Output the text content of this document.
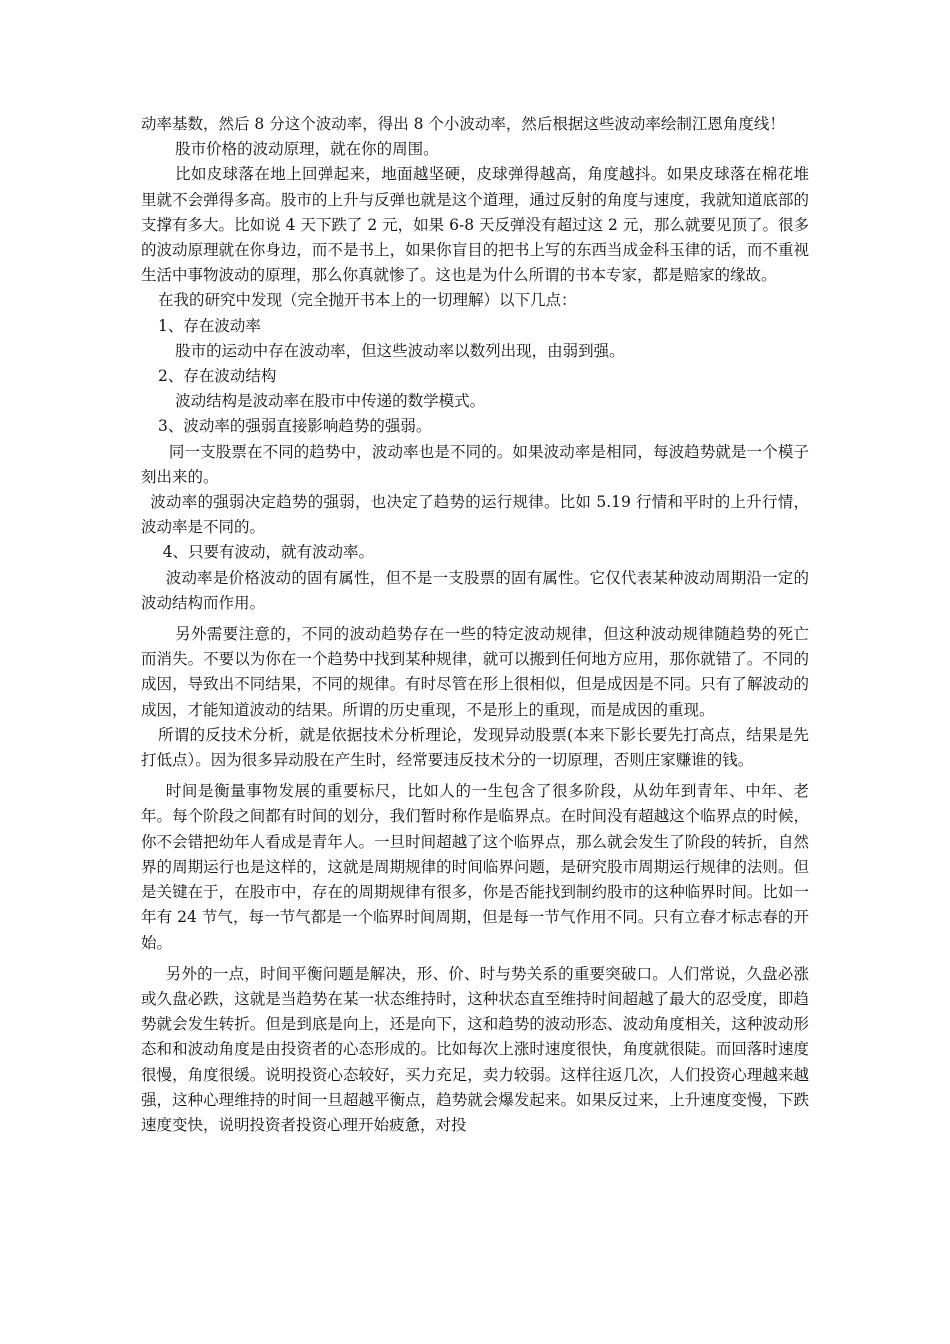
动率基数，然后 8 分这个波动率，得出 8 个小波动率，然后根据这些波动率绘制江恩角度线！

股市价格的波动原理，就在你的周围。

比如皮球落在地上回弹起来，地面越坚硬，皮球弹得越高，角度越抖。如果皮球落在棉花堆里就不会弹得多高。股市的上升与反弹也就是这个道理，通过反射的角度与速度，我就知道底部的支撑有多大。比如说 4 天下跌了 2 元，如果 6-8 天反弹没有超过这 2 元，那么就要见顶了。很多的波动原理就在你身边，而不是书上，如果你盲目的把书上写的东西当成金科玉律的话，而不重视生活中事物波动的原理，那么你真就惨了。这也是为什么所谓的书本专家，都是赔家的缘故。

在我的研究中发现（完全抛开书本上的一切理解）以下几点：

1、存在波动率

股市的运动中存在波动率，但这些波动率以数列出现，由弱到强。

2、存在波动结构

波动结构是波动率在股市中传递的数学模式。

3、波动率的强弱直接影响趋势的强弱。

同一支股票在不同的趋势中，波动率也是不同的。如果波动率是相同，每波趋势就是一个模子刻出来的。

波动率的强弱决定趋势的强弱，也决定了趋势的运行规律。比如 5.19 行情和平时的上升行情，波动率是不同的。

4、只要有波动，就有波动率。

波动率是价格波动的固有属性，但不是一支股票的固有属性。它仅代表某种波动周期沿一定的波动结构而作用。

另外需要注意的，不同的波动趋势存在一些的特定波动规律，但这种波动规律随趋势的死亡而消失。不要以为你在一个趋势中找到某种规律，就可以搬到任何地方应用，那你就错了。不同的成因，导致出不同结果，不同的规律。有时尽管在形上很相似，但是成因是不同。只有了解波动的成因，才能知道波动的结果。所谓的历史重现，不是形上的重现，而是成因的重现。

所谓的反技术分析，就是依据技术分析理论，发现异动股票(本来下影长要先打高点，结果是先打低点）。因为很多异动股在产生时，经常要违反技术分的一切原理，否则庄家赚谁的钱。

时间是衡量事物发展的重要标尺，比如人的一生包含了很多阶段，从幼年到青年、中年、老年。每个阶段之间都有时间的划分，我们暂时称作是临界点。在时间没有超越这个临界点的时候，你不会错把幼年人看成是青年人。一旦时间超越了这个临界点，那么就会发生了阶段的转折，自然界的周期运行也是这样的，这就是周期规律的时间临界问题，是研究股市周期运行规律的法则。但是关键在于，在股市中，存在的周期规律有很多，你是否能找到制约股市的这种临界时间。比如一年有 24 节气，每一节气都是一个临界时间周期，但是每一节气作用不同。只有立春才标志春的开始。

另外的一点，时间平衡问题是解决，形、价、时与势关系的重要突破口。人们常说，久盘必涨或久盘必跌，这就是当趋势在某一状态维持时，这种状态直至维持时间超越了最大的忍受度，即趋势就会发生转折。但是到底是向上，还是向下，这和趋势的波动形态、波动角度相关，这种波动形态和和波动角度是由投资者的心态形成的。比如每次上涨时速度很快，角度就很陡。而回落时速度很慢，角度很缓。说明投资心态较好，买力充足，卖力较弱。这样往返几次，人们投资心理越来越强，这种心理维持的时间一旦超越平衡点，趋势就会爆发起来。如果反过来，上升速度变慢，下跌速度变快，说明投资者投资心理开始疲惫，对投
